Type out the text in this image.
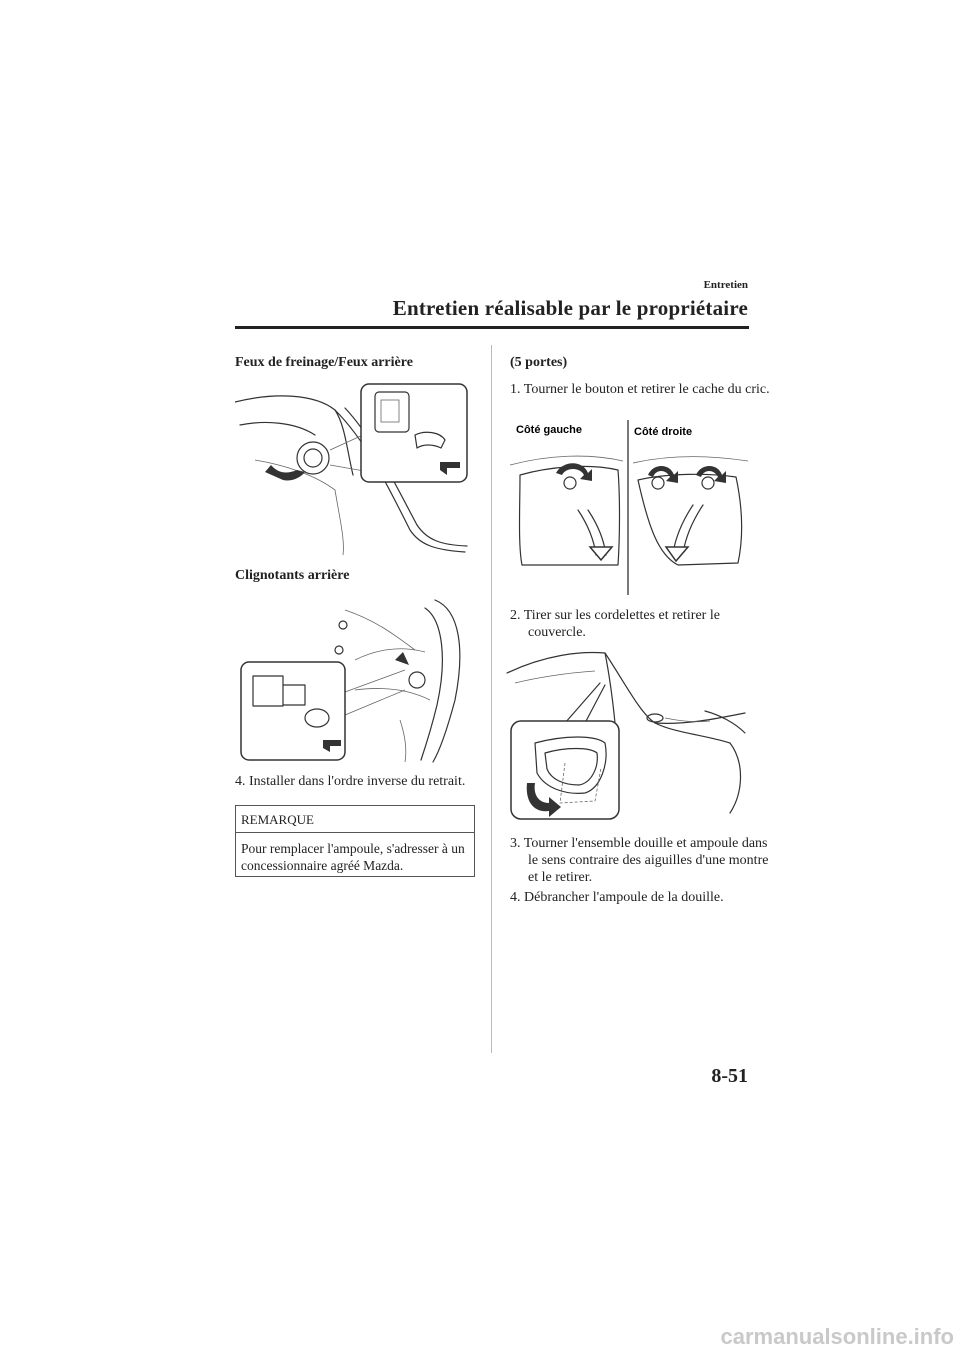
Entretien
Entretien réalisable par le propriétaire
Feux de freinage/Feux arrière
Clignotants arrière
4. Installer dans l'ordre inverse du retrait.
REMARQUE
Pour remplacer l'ampoule, s'adresser à un concessionnaire agréé Mazda.
(5 portes)
1. Tourner le bouton et retirer le cache du cric.
Côté gauche	Côté droite
2. Tirer sur les cordelettes et retirer le couvercle.
3. Tourner l'ensemble douille et ampoule dans le sens contraire des aiguilles d'une montre et le retirer.
4. Débrancher l'ampoule de la douille.
8-51
carmanualsonline.info
